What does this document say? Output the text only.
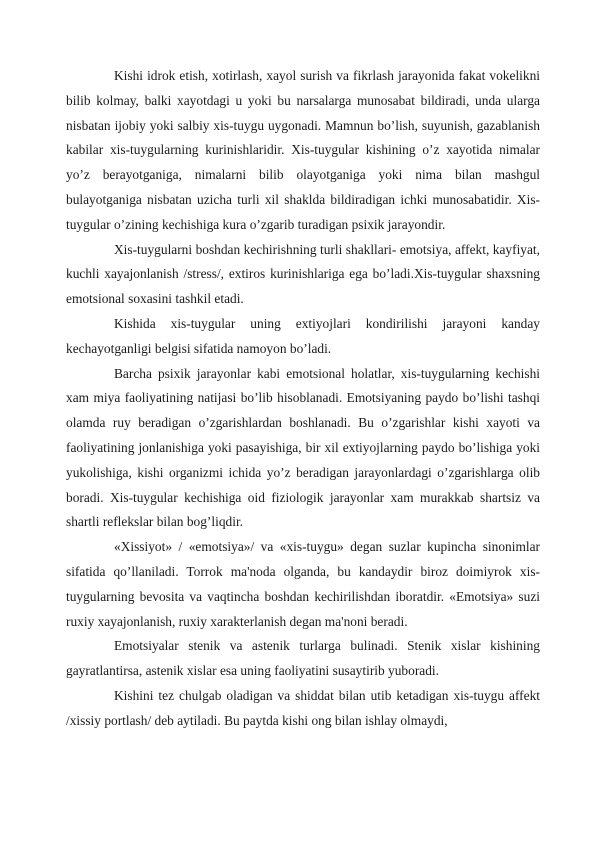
Kishi idrok etish, xotirlash, xayol surish va fikrlash jarayonida fakat vokelikni bilib kolmay, balki xayotdagi u yoki bu narsalarga munosabat bildiradi, unda ularga nisbatan ijobiy yoki salbiy xis-tuygu uygonadi. Mamnun bo’lish, suyunish, gazablanish kabilar xis-tuygularning kurinishlaridir. Xis-tuygular kishining o’z xayotida nimalar yo’z berayotganiga, nimalarni bilib olayotganiga yoki nima bilan mashgul bulayotganiga nisbatan uzicha turli xil shaklda bildiradigan ichki munosabatidir. Xis-tuygular o’zining kechishiga kura o’zgarib turadigan psixik jarayondir.

Xis-tuygularni boshdan kechirishning turli shakllari- emotsiya, affekt, kayfiyat, kuchli xayajonlanish /stress/, extiros kurinishlariga ega bo’ladi.Xis-tuygular shaxsning emotsional soxasini tashkil etadi.

Kishida xis-tuygular uning extiyojlari kondirilishi jarayoni kanday kechayotganligi belgisi sifatida namoyon bo’ladi.

Barcha psixik jarayonlar kabi emotsional holatlar, xis-tuygularning kechishi xam miya faoliyatining natijasi bo’lib hisoblanadi. Emotsiyaning paydo bo’lishi tashqi olamda ruy beradigan o’zgarishlardan boshlanadi. Bu o’zgarishlar kishi xayoti va faoliyatining jonlanishiga yoki pasayishiga, bir xil extiyojlarning paydo bo’lishiga yoki yukolishiga, kishi organizmi ichida yo’z beradigan jarayonlardagi o’zgarishlarga olib boradi. Xis-tuygular kechishiga oid fiziologik jarayonlar xam murakkab shartsiz va shartli reflekslar bilan bog’liqdir.

«Xissiyot» / «emotsiya»/ va «xis-tuygu» degan suzlar kupincha sinonimlar sifatida qo’llaniladi. Torrok ma'noda olganda, bu kandaydir biroz doimiyrok xis-tuygularning bevosita va vaqtincha boshdan kechirilishdan iboratdir. «Emotsiya» suzi ruxiy xayajonlanish, ruxiy xarakterlanish degan ma'noni beradi.

Emotsiyalar stenik va astenik turlarga bulinadi. Stenik xislar kishining gayratlantirsa, astenik xislar esa uning faoliyatini susaytirib yuboradi.

Kishini tez chulgab oladigan va shiddat bilan utib ketadigan xis-tuygu affekt /xissiy portlash/ deb aytiladi. Bu paytda kishi ong bilan ishlay olmaydi,
